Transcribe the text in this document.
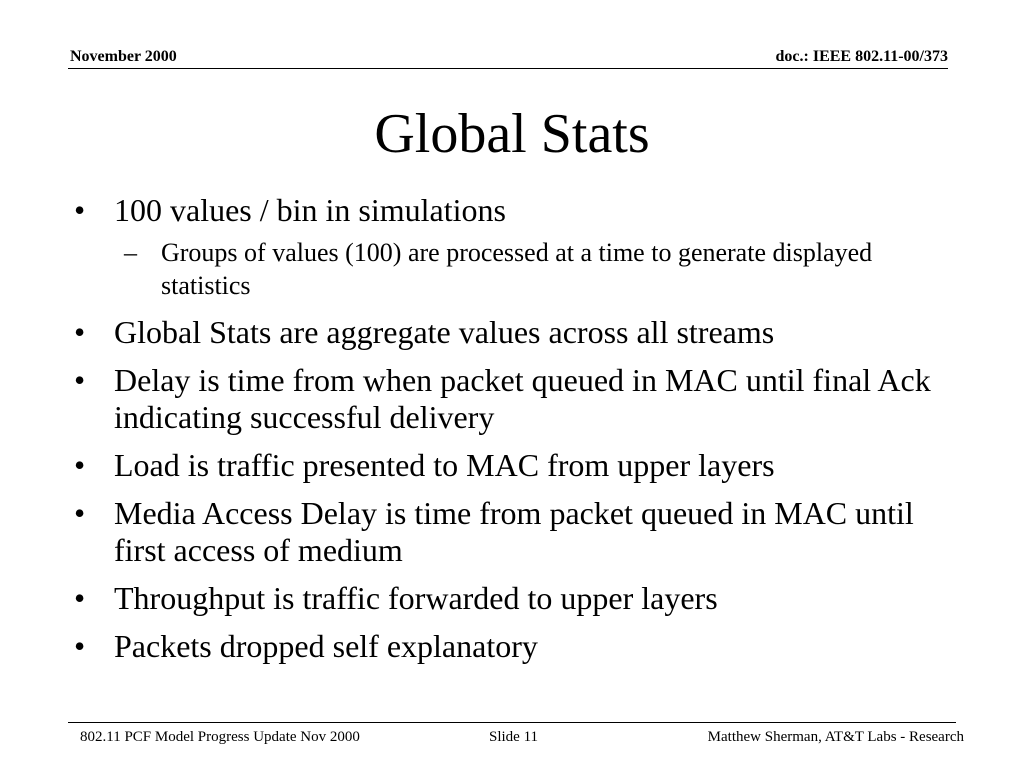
November 2000	doc.: IEEE 802.11-00/373
Global Stats
• 100 values / bin in simulations
– Groups of values (100) are processed at a time to generate displayed statistics
• Global Stats are aggregate values across all streams
• Delay is time from when packet queued in MAC until final Ack indicating successful delivery
• Load is traffic presented to MAC from upper layers
• Media Access Delay is time from packet queued in MAC until first access of medium
• Throughput is traffic forwarded to upper layers
• Packets dropped self explanatory
802.11 PCF Model Progress Update Nov 2000	Slide 11	Matthew Sherman, AT&T Labs - Research
